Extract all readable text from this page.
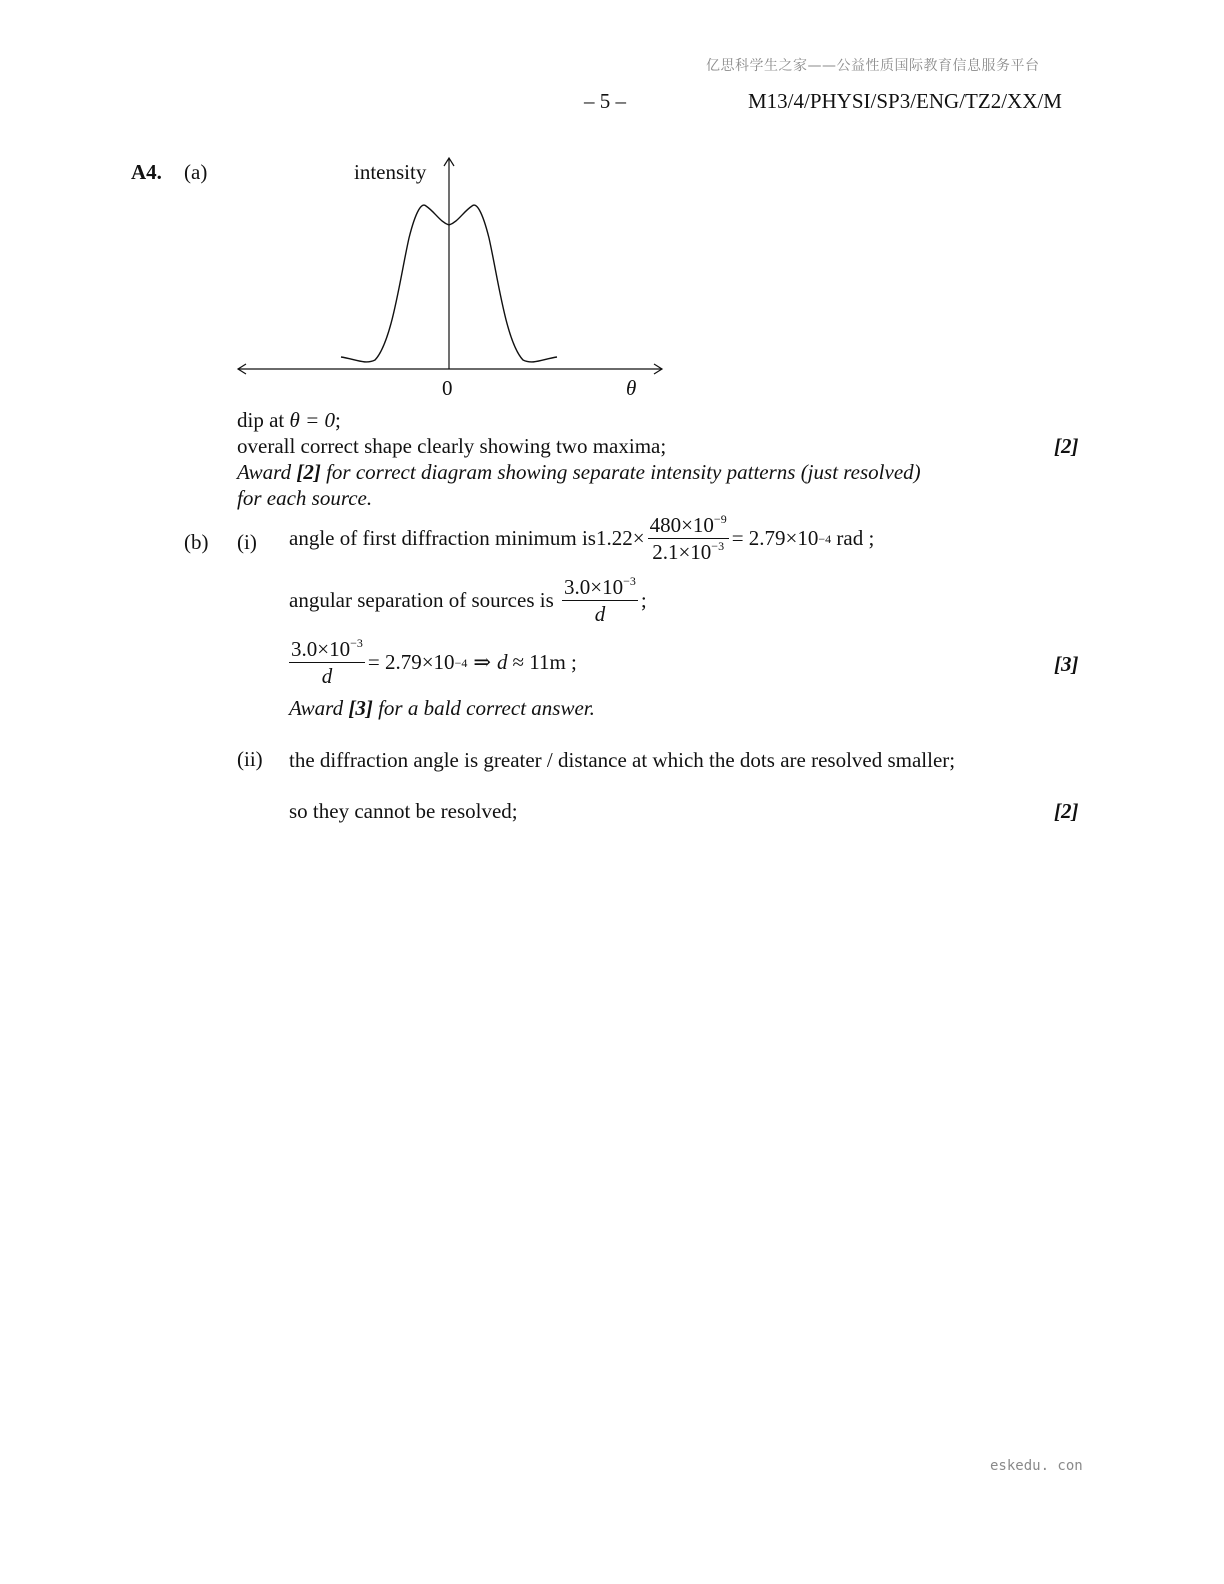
亿思科学生之家——公益性质国际教育信息服务平台
– 5 –	M13/4/PHYSI/SP3/ENG/TZ2/XX/M
A4. (a)	intensity
0	θ
dip at θ = 0;
overall correct shape clearly showing two maxima;	[2]
Award [2] for correct diagram showing separate intensity patterns (just resolved)
for each source.
(b) (i) angle of first diffraction minimum is $1.22\times \frac{480\times 10^{-9}}{2.1\times 10^{-3}} = 2.79\times 10 -4$ rad ;
angular separation of sources is $\frac{3.0\times 10^{-3}}{d}$ ;
$\frac{3.0\times 10^{-3}}{d} = 2.79\times 10 -4$ ⇒ d ≈ 11m ;	[3]
Award [3] for a bald correct answer.
(ii) the diffraction angle is greater / distance at which the dots are resolved smaller;
so they cannot be resolved;	[2]
eskedu. con
